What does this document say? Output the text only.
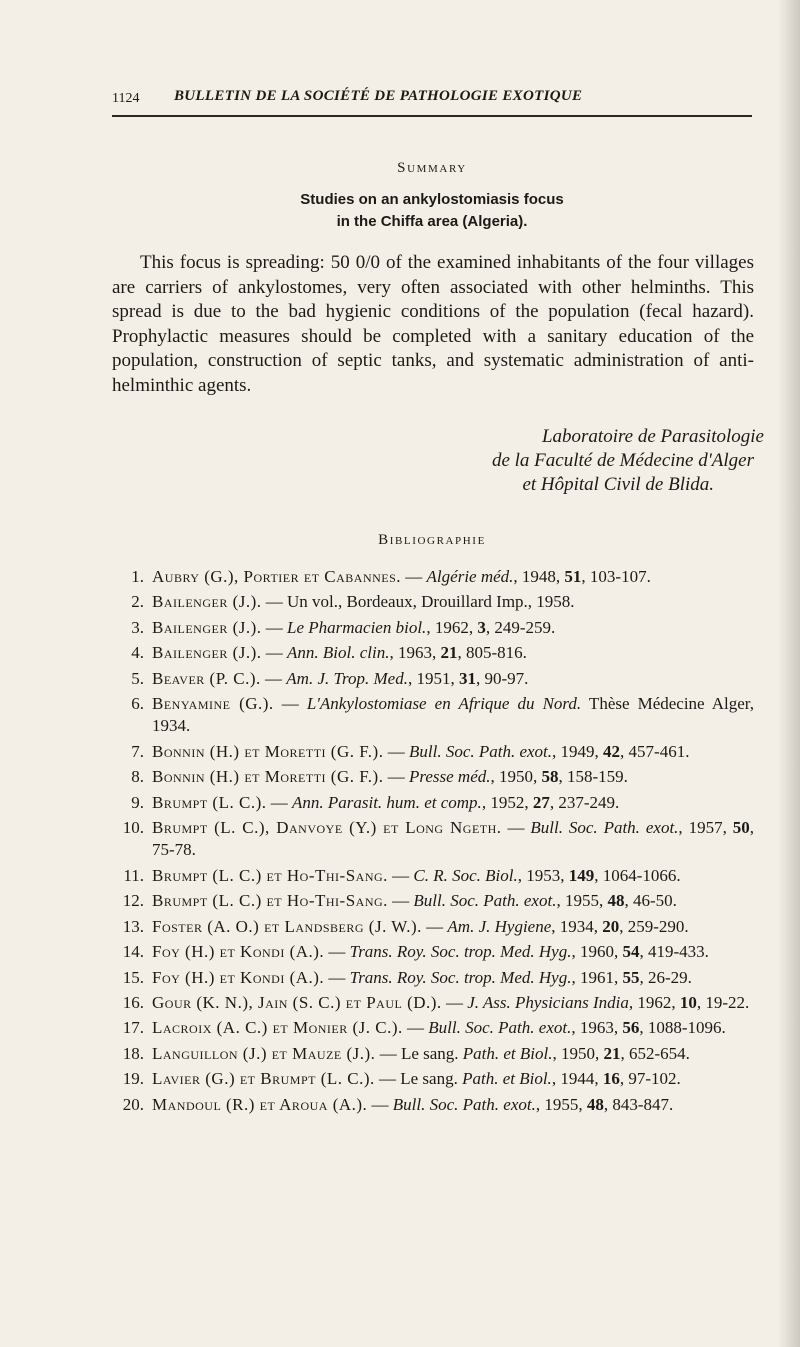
1124 BULLETIN DE LA SOCIÉTÉ DE PATHOLOGIE EXOTIQUE
Summary
Studies on an ankylostomiasis focus
in the Chiffa area (Algeria).
This focus is spreading: 50 0/0 of the examined inhabitants of the four villages are carriers of ankylostomes, very often associated with other helminths. This spread is due to the bad hygienic conditions of the population (fecal hazard). Prophylactic measures should be completed with a sanitary education of the population, construction of septic tanks, and systematic administration of anti-helminthic agents.
Laboratoire de Parasitologie
de la Faculté de Médecine d'Alger
et Hôpital Civil de Blida.
Bibliographie
1. Aubry (G.), Portier et Cabannes. — Algérie méd., 1948, 51, 103-107.
2. Bailenger (J.). — Un vol., Bordeaux, Drouillard Imp., 1958.
3. Bailenger (J.). — Le Pharmacien biol., 1962, 3, 249-259.
4. Bailenger (J.). — Ann. Biol. clin., 1963, 21, 805-816.
5. Beaver (P. C.). — Am. J. Trop. Med., 1951, 31, 90-97.
6. Benyamine (G.). — L'Ankylostomiase en Afrique du Nord. Thèse Médecine Alger, 1934.
7. Bonnin (H.) et Moretti (G. F.). — Bull. Soc. Path. exot., 1949, 42, 457-461.
8. Bonnin (H.) et Moretti (G. F.). — Presse méd., 1950, 58, 158-159.
9. Brumpt (L. C.). — Ann. Parasit. hum. et comp., 1952, 27, 237-249.
10. Brumpt (L. C.), Danvoye (Y.) et Long Ngeth. — Bull. Soc. Path. exot., 1957, 50, 75-78.
11. Brumpt (L. C.) et Ho-Thi-Sang. — C. R. Soc. Biol., 1953, 149, 1064-1066.
12. Brumpt (L. C.) et Ho-Thi-Sang. — Bull. Soc. Path. exot., 1955, 48, 46-50.
13. Foster (A. O.) et Landsberg (J. W.). — Am. J. Hygiene, 1934, 20, 259-290.
14. Foy (H.) et Kondi (A.). — Trans. Roy. Soc. trop. Med. Hyg., 1960, 54, 419-433.
15. Foy (H.) et Kondi (A.). — Trans. Roy. Soc. trop. Med. Hyg., 1961, 55, 26-29.
16. Gour (K. N.), Jain (S. C.) et Paul (D.). — J. Ass. Physicians India, 1962, 10, 19-22.
17. Lacroix (A. C.) et Monier (J. C.). — Bull. Soc. Path. exot., 1963, 56, 1088-1096.
18. Languillon (J.) et Mauze (J.). — Le sang. Path. et Biol., 1950, 21, 652-654.
19. Lavier (G.) et Brumpt (L. C.). — Le sang. Path. et Biol., 1944, 16, 97-102.
20. Mandoul (R.) et Aroua (A.). — Bull. Soc. Path. exot., 1955, 48, 843-847.
